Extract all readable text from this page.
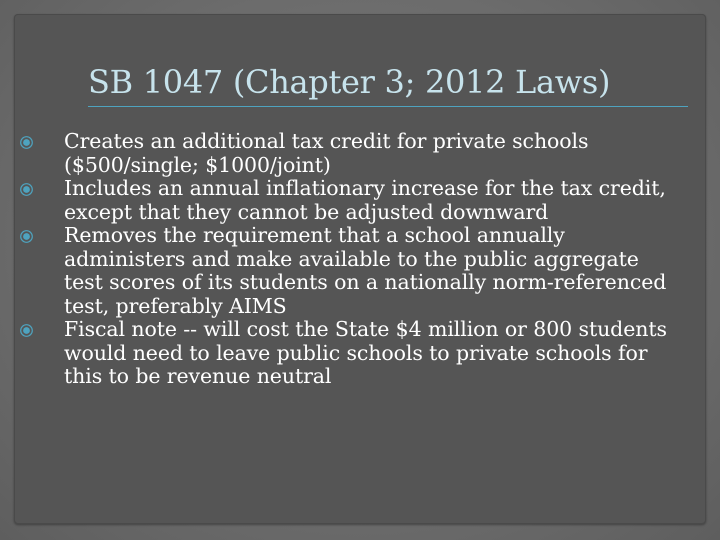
SB 1047 (Chapter 3; 2012 Laws)
Creates an additional tax credit for private schools ($500/single; $1000/joint)
Includes an annual inflationary increase for the tax credit, except that they cannot be adjusted downward
Removes the requirement that a school annually administers and make available to the public aggregate test scores of its students on a nationally norm-referenced test, preferably AIMS
Fiscal note -- will cost the State $4 million or 800 students would need to leave public schools to private schools for this to be revenue neutral
